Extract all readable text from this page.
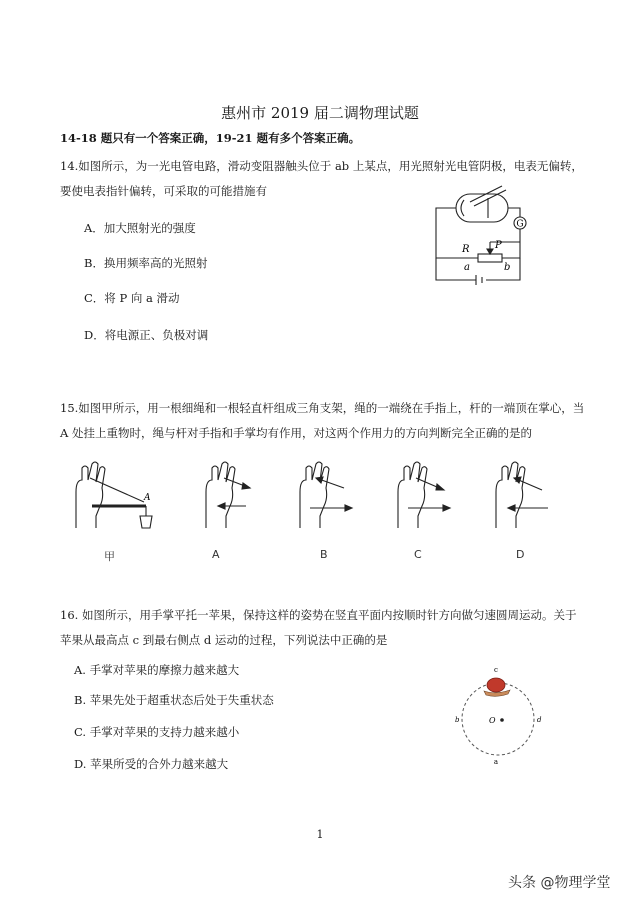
惠州市 2019 届二调物理试题
14-18 题只有一个答案正确，19-21 题有多个答案正确。
14.如图所示，为一光电管电路，滑动变阻器触头位于 ab 上某点，用光照射光电管阴极，电表无偏转，要使电表指针偏转，可采取的可能措施有
A．加大照射光的强度
B．换用频率高的光照射
C．将 P 向 a 滑动
D．将电源正、负极对调
G
R	P
a	b
15.如图甲所示，用一根细绳和一根轻直杆组成三角支架，绳的一端绕在手指上，杆的一端顶在掌心，当 A 处挂上重物时，绳与杆对手指和手掌均有作用，对这两个作用力的方向判断完全正确的是的
A
甲	A	B	C	D
16. 如图所示，用手掌平托一苹果，保持这样的姿势在竖直平面内按顺时针方向做匀速圆周运动。关于苹果从最高点 c 到最右侧点 d 运动的过程，下列说法中正确的是
A. 手掌对苹果的摩擦力越来越大
B. 苹果先处于超重状态后处于失重状态
C. 手掌对苹果的支持力越来越小
D. 苹果所受的合外力越来越大
c
b	d
a
O
1
头条 @物理学堂
